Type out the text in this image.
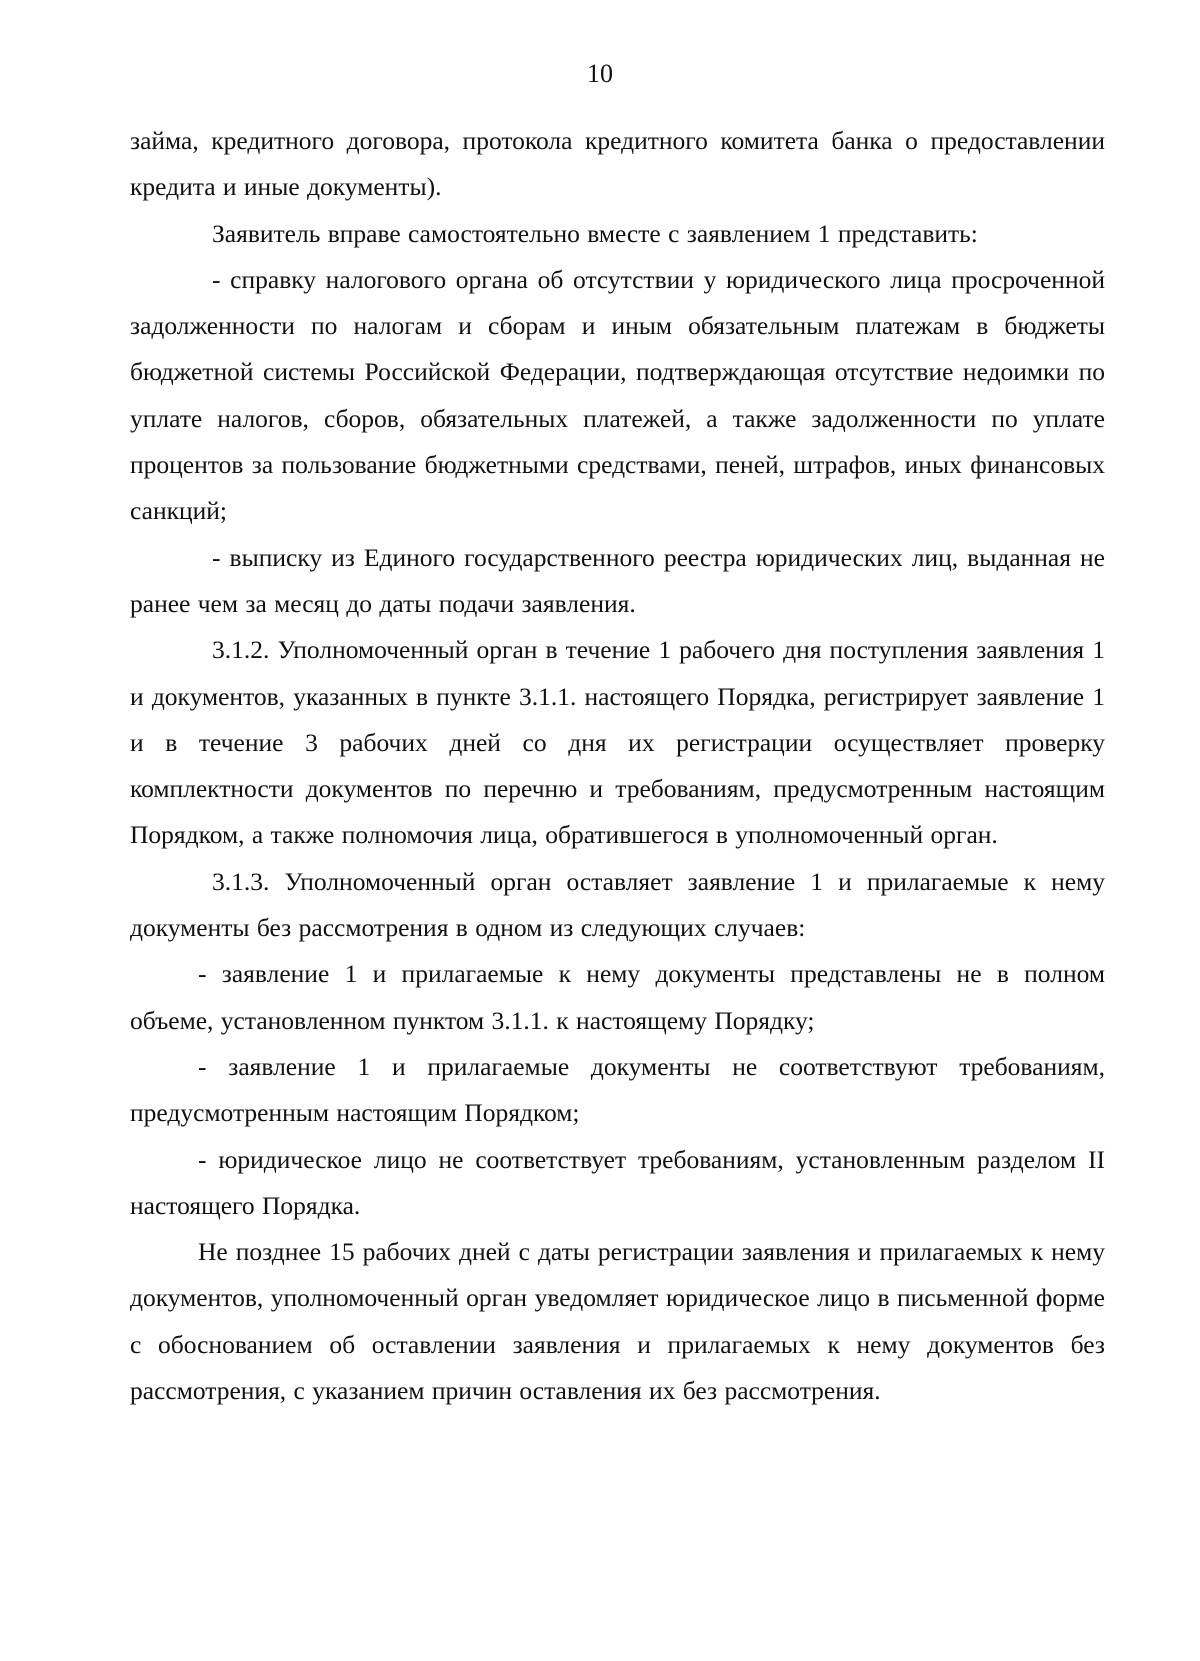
10

займа, кредитного договора, протокола кредитного комитета банка о предоставлении кредита и иные документы).

Заявитель вправе самостоятельно вместе с заявлением 1 представить:

- справку налогового органа об отсутствии у юридического лица просроченной задолженности по налогам и сборам и иным обязательным платежам в бюджеты бюджетной системы Российской Федерации, подтверждающая отсутствие недоимки по уплате налогов, сборов, обязательных платежей, а также задолженности по уплате процентов за пользование бюджетными средствами, пеней, штрафов, иных финансовых санкций;

- выписку из Единого государственного реестра юридических лиц, выданная не ранее чем за месяц до даты подачи заявления.

3.1.2. Уполномоченный орган в течение 1 рабочего дня поступления заявления 1 и документов, указанных в пункте 3.1.1. настоящего Порядка, регистрирует заявление 1 и в течение 3 рабочих дней со дня их регистрации осуществляет проверку комплектности документов по перечню и требованиям, предусмотренным настоящим Порядком, а также полномочия лица, обратившегося в уполномоченный орган.

3.1.3. Уполномоченный орган оставляет заявление 1 и прилагаемые к нему документы без рассмотрения в одном из следующих случаев:

- заявление 1 и прилагаемые к нему документы представлены не в полном объеме, установленном пунктом 3.1.1. к настоящему Порядку;

- заявление 1 и прилагаемые документы не соответствуют требованиям, предусмотренным настоящим Порядком;

- юридическое лицо не соответствует требованиям, установленным разделом II настоящего Порядка.

Не позднее 15 рабочих дней с даты регистрации заявления и прилагаемых к нему документов, уполномоченный орган уведомляет юридическое лицо в письменной форме с обоснованием об оставлении заявления и прилагаемых к нему документов без рассмотрения, с указанием причин оставления их без рассмотрения.
